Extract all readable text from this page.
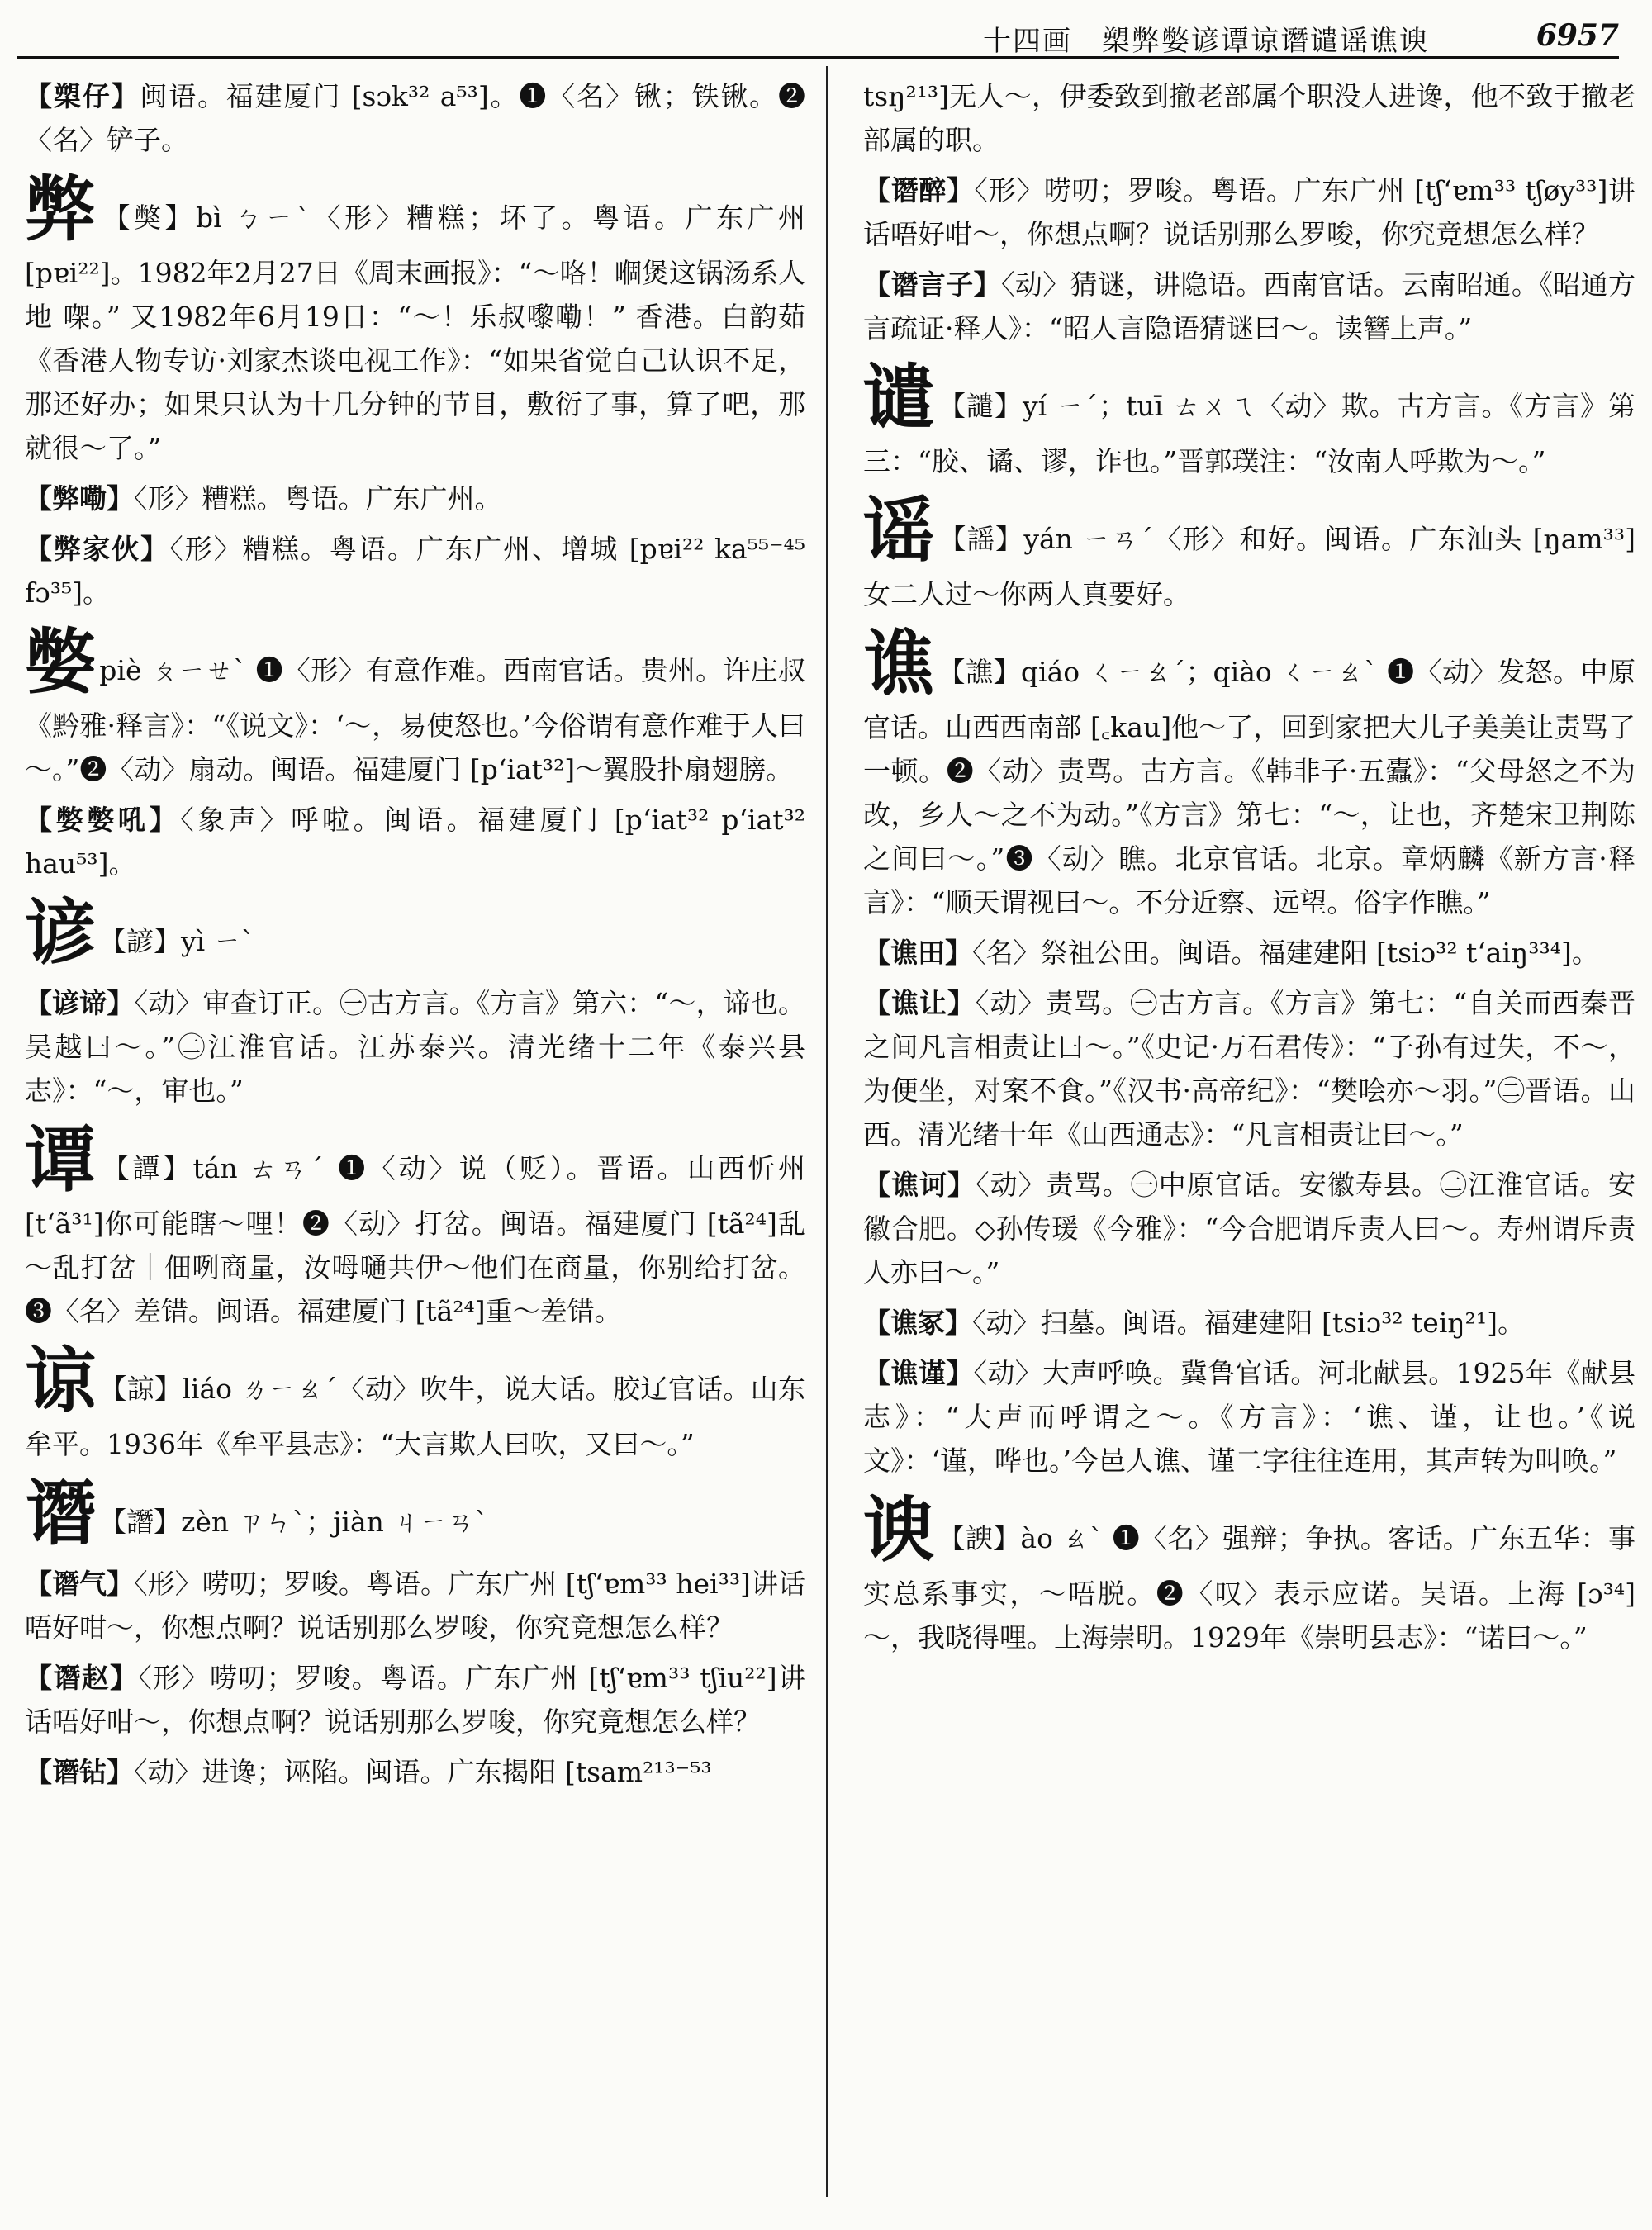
十四画　槊弊嫳谚谭谅谮谴谣谯谀	6957

【槊仔】闽语。福建厦门 [sɔk³² a⁵³]。❶〈名〉锹；铁锹。❷〈名〉铲子。

弊 【獘】bì ㄅㄧˋ〈形〉糟糕；坏了。粤语。广东广州 [pɐi²²]。1982年2月27日《周末画报》：“～咯！嗰煲这锅汤系人地 㗎。” 又1982年6月19日：“～！乐叔嚟嘞！” 香港。白韵茹《香港人物专访·刘家杰谈电视工作》：“如果省觉自己认识不足，那还好办；如果只认为十几分钟的节目，敷衍了事，算了吧，那就很～了。”

【弊嘞】〈形〉糟糕。粤语。广东广州。

【弊家伙】〈形〉糟糕。粤语。广东广州、增城 [pɐi²² ka⁵⁵⁻⁴⁵ fɔ³⁵]。

嫳piè ㄆㄧㄝˋ ❶〈形〉有意作难。西南官话。贵州。许庄叔《黔雅·释言》：“《说文》：‘～，易使怒也。’今俗谓有意作难于人曰～。”❷〈动〉扇动。闽语。福建厦门 [pʻiat³²]～翼股扑扇翅膀。

【嫳嫳吼】〈象声〉呼啦。闽语。福建厦门 [pʻiat³² pʻiat³² hau⁵³]。

谚 【諺】yì ㄧˋ

【谚谛】〈动〉审查订正。㊀古方言。《方言》第六：“～，谛也。吴越曰～。”㊁江淮官话。江苏泰兴。清光绪十二年《泰兴县志》：“～，审也。”

谭 【譚】tán ㄊㄢˊ ❶〈动〉说（贬）。晋语。山西忻州 [tʻã³¹]你可能瞎～哩！❷〈动〉打岔。闽语。福建厦门 [tã²⁴]乱～乱打岔｜佃咧商量，汝呣嗵共伊～他们在商量，你别给打岔。❸〈名〉差错。闽语。福建厦门 [tã²⁴]重～差错。

谅 【諒】liáo ㄌㄧㄠˊ〈动〉吹牛，说大话。胶辽官话。山东牟平。1936年《牟平县志》：“大言欺人曰吹，又曰～。”

谮 【譖】zèn ㄗㄣˋ；jiàn ㄐㄧㄢˋ

【谮气】〈形〉唠叨；罗唆。粤语。广东广州 [tʃʻɐm³³ hei³³]讲话唔好咁～，你想点啊？说话别那么罗唆，你究竟想怎么样？

【谮赵】〈形〉唠叨；罗唆。粤语。广东广州 [tʃʻɐm³³ tʃiu²²]讲话唔好咁～，你想点啊？说话别那么罗唆，你究竟想怎么样？

【谮钻】〈动〉进谗；诬陷。闽语。广东揭阳 [tsam²¹³⁻⁵³

tsŋ²¹³]无人～，伊委致到撤老部属个职没人进谗，他不致于撤老部属的职。

【谮醉】〈形〉唠叨；罗唆。粤语。广东广州 [tʃʻɐm³³ tʃøy³³]讲话唔好咁～，你想点啊？说话别那么罗唆，你究竟想怎么样？

【谮言子】〈动〉猜谜，讲隐语。西南官话。云南昭通。《昭通方言疏证·释人》：“昭人言隐语猜谜曰～。读簪上声。”

谴 【譴】yí ㄧˊ；tuī ㄊㄨㄟ〈动〉欺。古方言。《方言》第三：“胶、谲、谬，诈也。”晋郭璞注：“汝南人呼欺为～。”

谣 【謡】yán ㄧㄢˊ〈形〉和好。闽语。广东汕头 [ŋam³³]女二人过～你两人真要好。

谯 【譙】qiáo ㄑㄧㄠˊ；qiào ㄑㄧㄠˋ ❶〈动〉发怒。中原官话。山西西南部 [꜀kau]他～了，回到家把大儿子美美让责骂了一顿。❷〈动〉责骂。古方言。《韩非子·五蠹》：“父母怒之不为改，乡人～之不为动。”《方言》第七：“～，让也，齐楚宋卫荆陈之间曰～。”❸〈动〉瞧。北京官话。北京。章炳麟《新方言·释言》：“顺天谓视曰～。不分近察、远望。俗字作瞧。”

【谯田】〈名〉祭祖公田。闽语。福建建阳 [tsiɔ³² tʻaiŋ³³⁴]。

【谯让】〈动〉责骂。㊀古方言。《方言》第七：“自关而西秦晋之间凡言相责让曰～。”《史记·万石君传》：“子孙有过失，不～，为便坐，对案不食。”《汉书·高帝纪》：“樊哙亦～羽。”㊁晋语。山西。清光绪十年《山西通志》：“凡言相责让曰～。”

【谯诃】〈动〉责骂。㊀中原官话。安徽寿县。㊁江淮官话。安徽合肥。◇孙传瑗《今雅》：“今合肥谓斥责人曰～。寿州谓斥责人亦曰～。”

【谯冢】〈动〉扫墓。闽语。福建建阳 [tsiɔ³² teiŋ²¹]。

【谯谨】〈动〉大声呼唤。冀鲁官话。河北献县。1925年《献县志》：“大声而呼谓之～。《方言》：‘谯、谨，让也。’《说文》：‘谨，哗也。’今邑人谯、谨二字往往连用，其声转为叫唤。”

谀 【諛】ào ㄠˋ ❶〈名〉强辩；争执。客话。广东五华：事实总系事实，～唔脱。❷〈叹〉表示应诺。吴语。上海 [ɔ³⁴]～，我晓得哩。上海崇明。1929年《崇明县志》：“诺曰～。”
